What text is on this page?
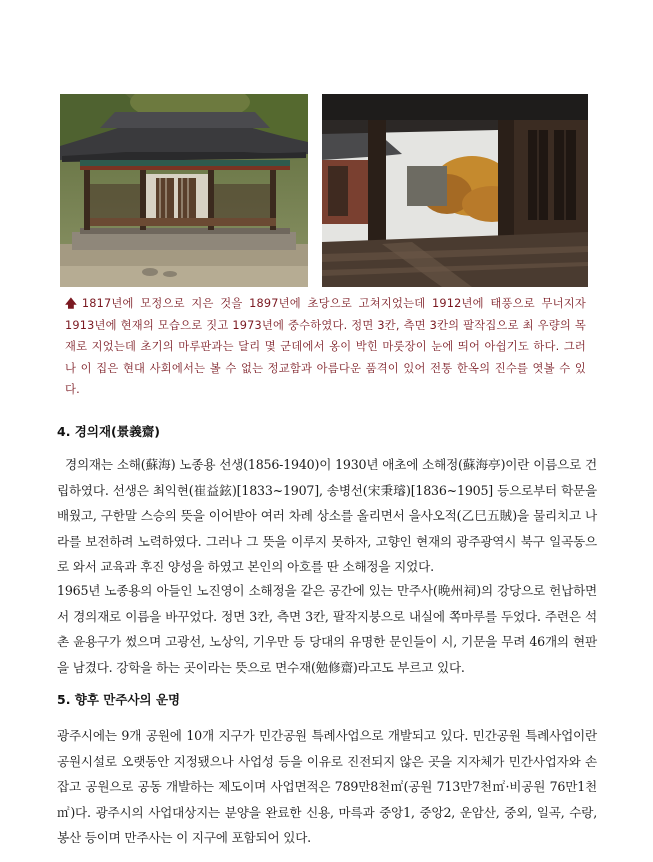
🡅 1817년에 모정으로 지은 것을 1897년에 초당으로 고쳐지었는데 1912년에 태풍으로 무너지자 1913년에 현재의 모습으로 짓고 1973년에 중수하였다. 정면 3칸, 측면 3칸의 팔작집으로 최 우량의 목재로 지었는데 초기의 마루판과는 달리 몇 군데에서 옹이 박힌 마룻장이 눈에 띄어 아쉽기도 하다. 그러나 이 집은 현대 사회에서는 볼 수 없는 정교함과 아름다운 품격이 있어 전통 한옥의 진수를 엿볼 수 있다.
4. 경의재(景義齋)
경의재는 소해(蘇海) 노종용 선생(1856-1940)이 1930년 애초에 소해정(蘇海亭)이란 이름으로 건립하였다. 선생은 최익현(崔益鉉)[1833~1907], 송병선(宋秉璿)[1836~1905] 등으로부터 학문을 배웠고, 구한말 스승의 뜻을 이어받아 여러 차례 상소를 올리면서 을사오적(乙巳五賊)을 물리치고 나라를 보전하려 노력하였다. 그러나 그 뜻을 이루지 못하자, 고향인 현재의 광주광역시 북구 일곡동으로 와서 교육과 후진 양성을 하였고 본인의 아호를 딴 소해정을 지었다.
1965년 노종용의 아들인 노진영이 소해정을 같은 공간에 있는 만주사(晩州祠)의 강당으로 헌납하면서 경의재로 이름을 바꾸었다. 정면 3칸, 측면 3칸, 팔작지붕으로 내실에 쪽마루를 두었다. 주련은 석촌 윤용구가 썼으며 고광선, 노상익, 기우만 등 당대의 유명한 문인들이 시, 기문을 무려 46개의 현판을 남겼다. 강학을 하는 곳이라는 뜻으로 면수재(勉修齋)라고도 부르고 있다.
5. 향후 만주사의 운명
광주시에는 9개 공원에 10개 지구가 민간공원 특례사업으로 개발되고 있다. 민간공원 특례사업이란 공원시설로 오랫동안 지정됐으나 사업성 등을 이유로 진전되지 않은 곳을 지자체가 민간사업자와 손잡고 공원으로 공동 개발하는 제도이며 사업면적은 789만8천㎡(공원 713만7천㎡·비공원 76만1천㎡)다. 광주시의 사업대상지는 분양을 완료한 신용, 마륵과 중앙1, 중앙2, 운암산, 중외, 일곡, 수랑, 봉산 등이며 만주사는 이 지구에 포함되어 있다.
